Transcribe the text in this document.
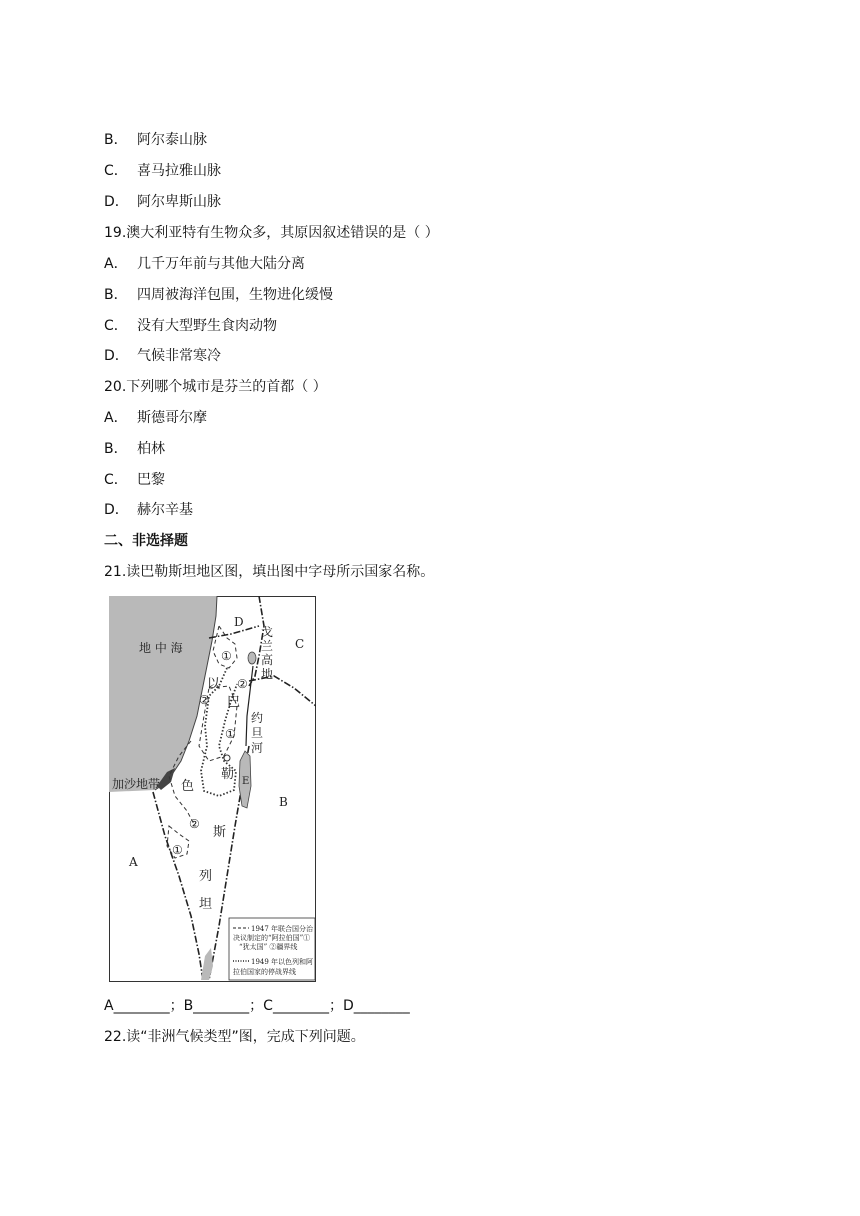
B． 阿尔泰山脉
C． 喜马拉雅山脉
D． 阿尔卑斯山脉
19.澳大利亚特有生物众多，其原因叙述错误的是（ ）
A． 几千万年前与其他大陆分离
B． 四周被海洋包围，生物进化缓慢
C． 没有大型野生食肉动物
D． 气候非常寒冷
20.下列哪个城市是芬兰的首都（ ）
A． 斯德哥尔摩
B． 柏林
C． 巴黎
D． 赫尔辛基
二、非选择题
21.读巴勒斯坦地区图，填出图中字母所示国家名称。
地 中 海
加沙地带
D
C
B
A
E
戈
兰
高
地
约
旦
河
以
色
列
巴
勒
斯
坦
①
②
②
①
②
①
1947 年联合国分治
决议制定的“阿拉伯国”①
“犹太国” ②疆界线
1949 年以色列和阿
拉伯国家的停战界线
A________；B________；C________；D________
22.读“非洲气候类型”图，完成下列问题。
